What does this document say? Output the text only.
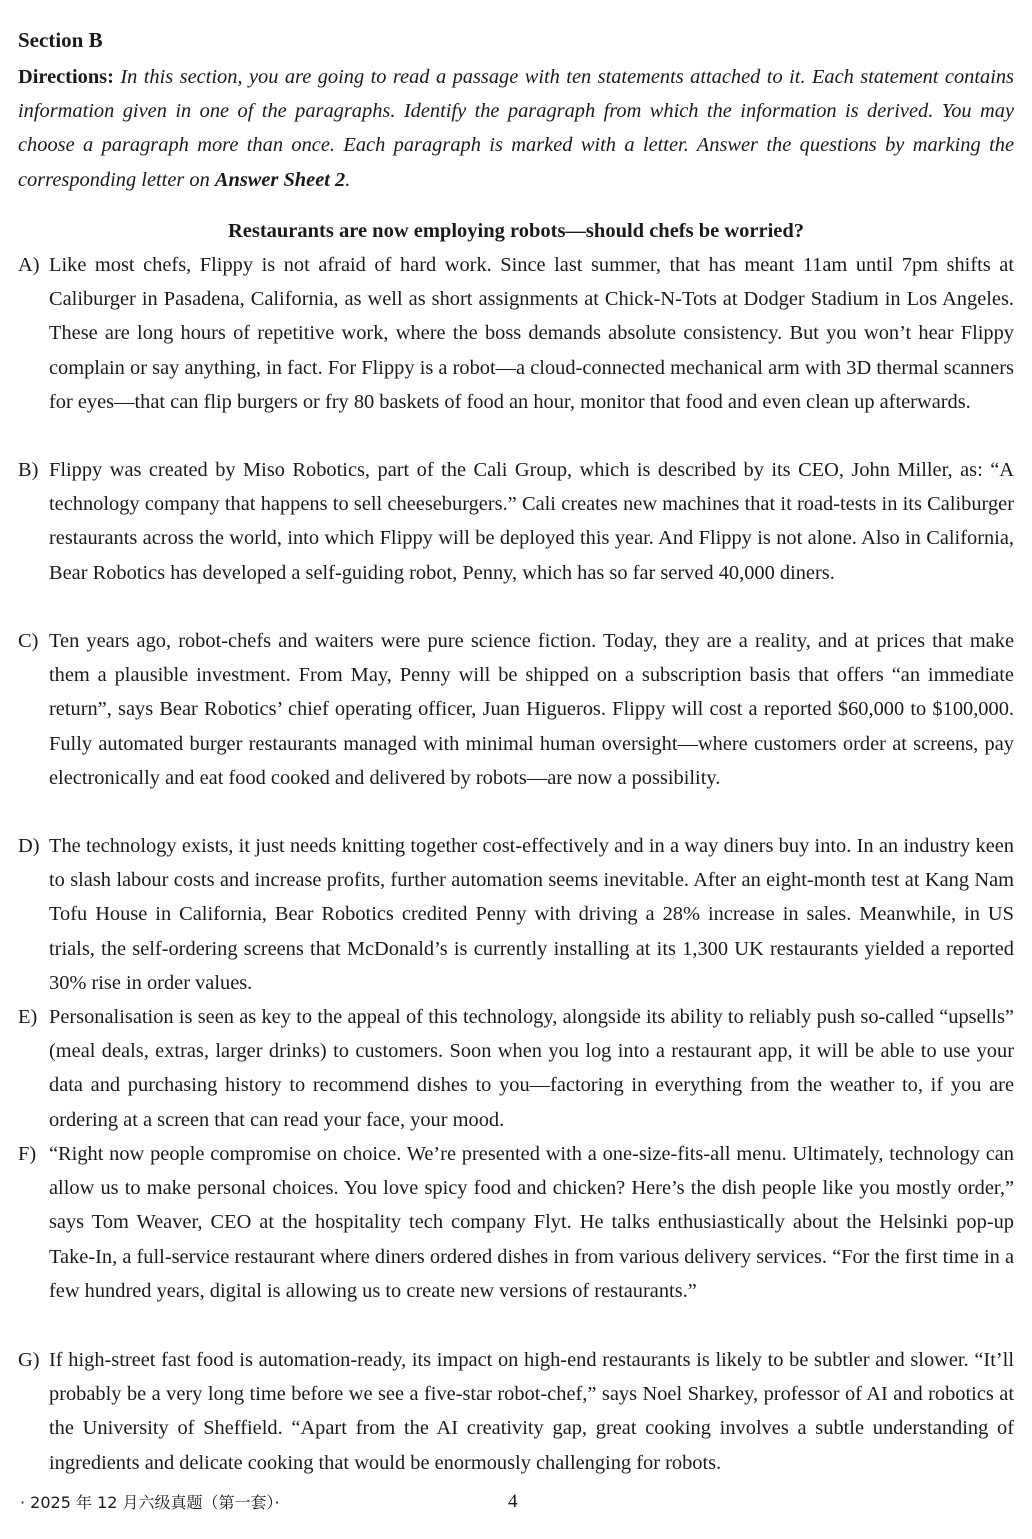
Section B
Directions: In this section, you are going to read a passage with ten statements attached to it. Each statement contains information given in one of the paragraphs. Identify the paragraph from which the information is derived. You may choose a paragraph more than once. Each paragraph is marked with a letter. Answer the questions by marking the corresponding letter on Answer Sheet 2.
Restaurants are now employing robots—should chefs be worried?
A) Like most chefs, Flippy is not afraid of hard work. Since last summer, that has meant 11am until 7pm shifts at Caliburger in Pasadena, California, as well as short assignments at Chick-N-Tots at Dodger Stadium in Los Angeles. These are long hours of repetitive work, where the boss demands absolute consistency. But you won’t hear Flippy complain or say anything, in fact. For Flippy is a robot—a cloud-connected mechanical arm with 3D thermal scanners for eyes—that can flip burgers or fry 80 baskets of food an hour, monitor that food and even clean up afterwards.
B) Flippy was created by Miso Robotics, part of the Cali Group, which is described by its CEO, John Miller, as: “A technology company that happens to sell cheeseburgers.” Cali creates new machines that it road-tests in its Caliburger restaurants across the world, into which Flippy will be deployed this year. And Flippy is not alone. Also in California, Bear Robotics has developed a self-guiding robot, Penny, which has so far served 40,000 diners.
C) Ten years ago, robot-chefs and waiters were pure science fiction. Today, they are a reality, and at prices that make them a plausible investment. From May, Penny will be shipped on a subscription basis that offers “an immediate return”, says Bear Robotics’ chief operating officer, Juan Higueros. Flippy will cost a reported $60,000 to $100,000. Fully automated burger restaurants managed with minimal human oversight—where customers order at screens, pay electronically and eat food cooked and delivered by robots—are now a possibility.
D) The technology exists, it just needs knitting together cost-effectively and in a way diners buy into. In an industry keen to slash labour costs and increase profits, further automation seems inevitable. After an eight-month test at Kang Nam Tofu House in California, Bear Robotics credited Penny with driving a 28% increase in sales. Meanwhile, in US trials, the self-ordering screens that McDonald’s is currently installing at its 1,300 UK restaurants yielded a reported 30% rise in order values.
E) Personalisation is seen as key to the appeal of this technology, alongside its ability to reliably push so-called “upsells” (meal deals, extras, larger drinks) to customers. Soon when you log into a restaurant app, it will be able to use your data and purchasing history to recommend dishes to you—factoring in everything from the weather to, if you are ordering at a screen that can read your face, your mood.
F) “Right now people compromise on choice. We’re presented with a one-size-fits-all menu. Ultimately, technology can allow us to make personal choices. You love spicy food and chicken? Here’s the dish people like you mostly order,” says Tom Weaver, CEO at the hospitality tech company Flyt. He talks enthusiastically about the Helsinki pop-up Take-In, a full-service restaurant where diners ordered dishes in from various delivery services. “For the first time in a few hundred years, digital is allowing us to create new versions of restaurants.”
G) If high-street fast food is automation-ready, its impact on high-end restaurants is likely to be subtler and slower. “It’ll probably be a very long time before we see a five-star robot-chef,” says Noel Sharkey, professor of AI and robotics at the University of Sheffield. “Apart from the AI creativity gap, great cooking involves a subtle understanding of ingredients and delicate cooking that would be enormously challenging for robots.
· 2025 年 12 月六级真题（第一套）·	4
